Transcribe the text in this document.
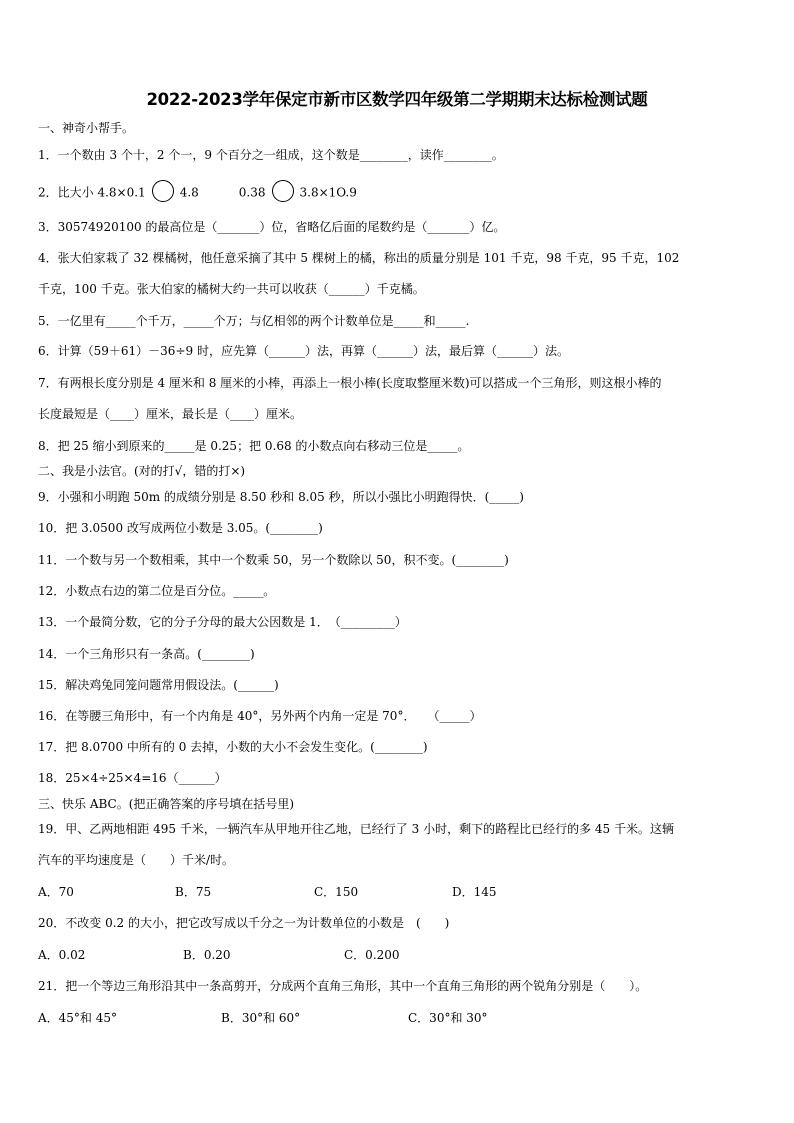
2022-2023学年保定市新市区数学四年级第二学期期末达标检测试题
一、神奇小帮手。
1．一个数由 3 个十，2 个一，9 个百分之一组成，这个数是________，读作________。
2．比大小 4.8×0.1	4.8	0.38	3.8×1O.9
3．30574920100 的最高位是（_______）位，省略亿后面的尾数约是（_______）亿。
4．张大伯家栽了 32 棵橘树，他任意采摘了其中 5 棵树上的橘，称出的质量分别是 101 千克，98 千克，95 千克，102
千克，100 千克。张大伯家的橘树大约一共可以收获（______）千克橘。
5．一亿里有_____个千万，_____个万；与亿相邻的两个计数单位是_____和_____.
6．计算（59＋61）－36÷9 时，应先算（______）法，再算（______）法，最后算（______）法。
7．有两根长度分别是 4 厘米和 8 厘米的小棒，再添上一根小棒(长度取整厘米数)可以搭成一个三角形，则这根小棒的
长度最短是（____）厘米，最长是（____）厘米。
8．把 25 缩小到原来的_____是 0.25；把 0.68 的小数点向右移动三位是_____。
二、我是小法官。(对的打√，错的打×)
9．小强和小明跑 50m 的成绩分别是 8.50 秒和 8.05 秒，所以小强比小明跑得快．(_____)
10．把 3.0500 改写成两位小数是 3.05。(________)
11．一个数与另一个数相乘，其中一个数乘 50，另一个数除以 50，积不变。(________)
12．小数点右边的第二位是百分位。_____。
13．一个最简分数，它的分子分母的最大公因数是 1．　（_________）
14．一个三角形只有一条高。(________)
15．解决鸡兔同笼问题常用假设法。(______)
16．在等腰三角形中，有一个内角是 40°，另外两个内角一定是 70°．　　（_____）
17．把 8.0700 中所有的 0 去掉，小数的大小不会发生变化。(________)
18．25×4÷25×4=16（______）
三、快乐 ABC。(把正确答案的序号填在括号里)
19．甲、乙两地相距 495 千米，一辆汽车从甲地开往乙地，已经行了 3 小时，剩下的路程比已经行的多 45 千米。这辆
汽车的平均速度是（　　）千米/时。
A．70	B．75	C．150	D．145
20．不改变 0.2 的大小，把它改写成以千分之一为计数单位的小数是　(　　)
A．0.02	B．0.20	C．0.200
21．把一个等边三角形沿其中一条高剪开，分成两个直角三角形，其中一个直角三角形的两个锐角分别是（　　）。
A．45°和 45°	B．30°和 60°	C．30°和 30°
